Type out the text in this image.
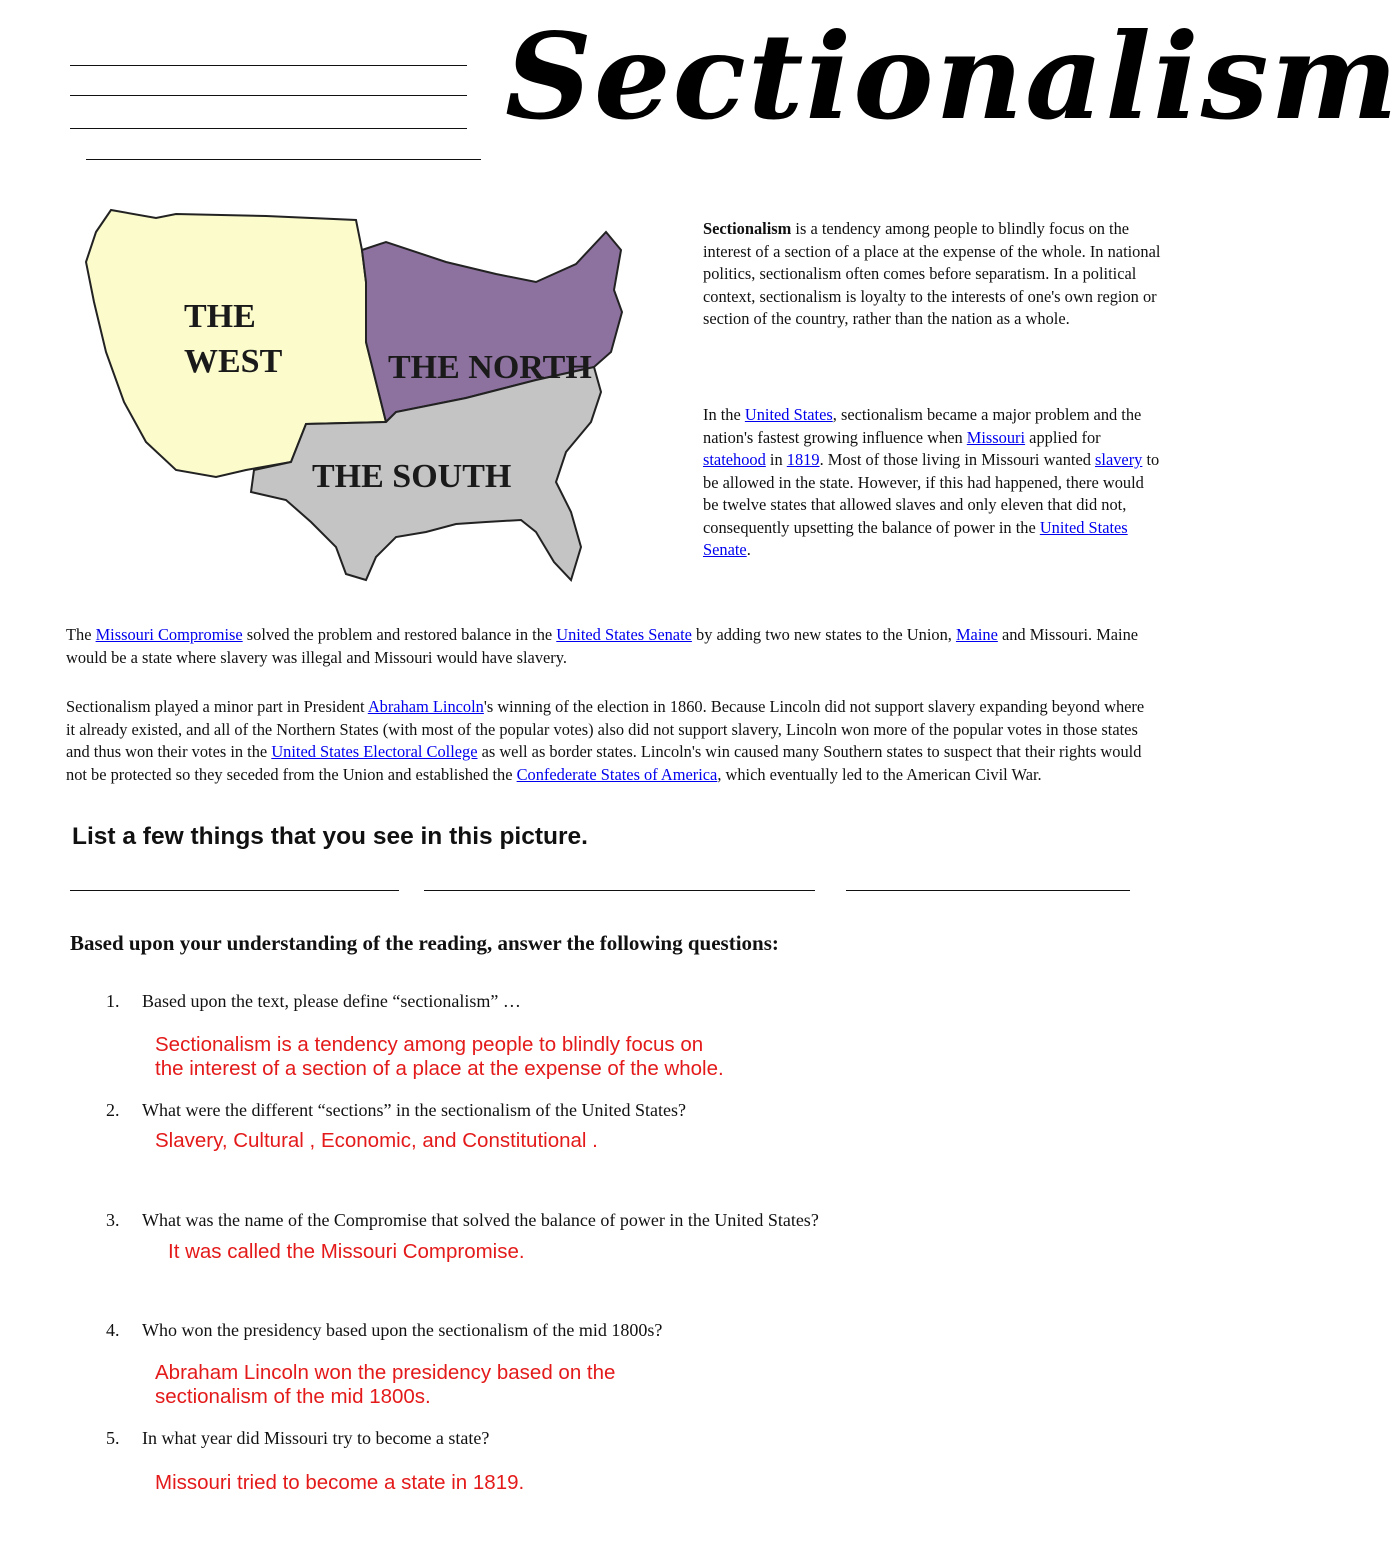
Sectionalism
THE
WEST	THE NORTH
THE SOUTH

Sectionalism is a tendency among people to blindly focus on the interest of a section of a place at the expense of the whole. In national politics, sectionalism often comes before separatism. In a political context, sectionalism is loyalty to the interests of one's own region or section of the country, rather than the nation as a whole.

In the United States, sectionalism became a major problem and the nation's fastest growing influence when Missouri applied for statehood in 1819. Most of those living in Missouri wanted slavery to be allowed in the state. However, if this had happened, there would be twelve states that allowed slaves and only eleven that did not, consequently upsetting the balance of power in the United States Senate.

The Missouri Compromise solved the problem and restored balance in the United States Senate by adding two new states to the Union, Maine and Missouri. Maine would be a state where slavery was illegal and Missouri would have slavery.

Sectionalism played a minor part in President Abraham Lincoln's winning of the election in 1860. Because Lincoln did not support slavery expanding beyond where it already existed, and all of the Northern States (with most of the popular votes) also did not support slavery, Lincoln won more of the popular votes in those states and thus won their votes in the United States Electoral College as well as border states. Lincoln's win caused many Southern states to suspect that their rights would not be protected so they seceded from the Union and established the Confederate States of America, which eventually led to the American Civil War.

List a few things that you see in this picture.
Based upon your understanding of the reading, answer the following questions:
1. Based upon the text, please define “sectionalism” …
Sectionalism is a tendency among people to blindly focus on
the interest of a section of a place at the expense of the whole.
2. What were the different “sections” in the sectionalism of the United States?
Slavery, Cultural , Economic, and Constitutional .
3. What was the name of the Compromise that solved the balance of power in the United States?
It was called the Missouri Compromise.
4. Who won the presidency based upon the sectionalism of the mid 1800s?
Abraham Lincoln won the presidency based on the
sectionalism of the mid 1800s.
5. In what year did Missouri try to become a state?
Missouri tried to become a state in 1819.
